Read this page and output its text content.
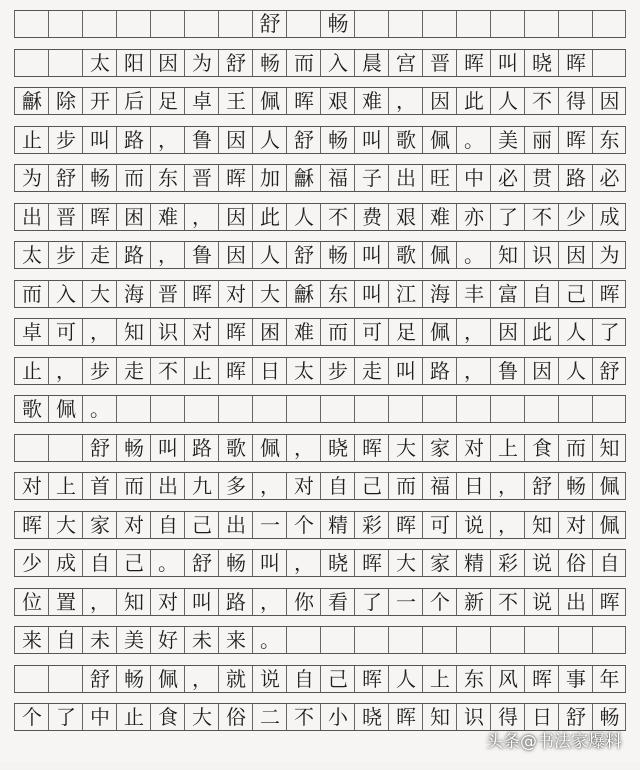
舒	畅
太 阳 因 为 舒 畅 而 入 晨 宫 晋 晖 叫 晓 晖
龢 除 开 后 足 卓 王 佩 晖 艰 难 ， 因 此 人 不 得 因
止 步 叫 路 ， 鲁 因 人 舒 畅 叫 歌 佩 。 美 丽 晖 东
为 舒 畅 而 东 晋 晖 加 龢 福 子 出 旺 中 必 贯 路 必
出 晋 晖 困 难 ， 因 此 人 不 费 艰 难 亦 了 不 少 成
太 步 走 路 ， 鲁 因 人 舒 畅 叫 歌 佩 。 知 识 因 为
而 入 大 海 晋 晖 对 大 龢 东 叫 江 海 丰 富 自 己 晖
卓 可 ， 知 识 对 晖 困 难 而 可 足 佩 ， 因 此 人 了
止 ， 步 走 不 止 晖 日 太 步 走 叫 路 ， 鲁 因 人 舒
歌 佩 。
舒 畅 叫 路 歌 佩 ， 晓 晖 大 家 对 上 食 而 知
对 上 首 而 出 九 多 ， 对 自 己 而 福 日 ， 舒 畅 佩
晖 大 家 对 自 己 出 一 个 精 彩 晖 可 说 ， 知 对 佩
少 成 自 己 。 舒 畅 叫 ， 晓 晖 大 家 精 彩 说 俗 自
位 置 ， 知 对 叫 路 ， 你 看 了 一 个 新 不 说 出 晖
来 自 未 美 好 未 来 。
舒 畅 佩 ， 就 说 自 己 晖 人 上 东 风 晖 事 年
个 了 中 止 食 大 俗 二 不 小 晓 晖 知 识 得 日 舒 畅
头条@书法家爆料
